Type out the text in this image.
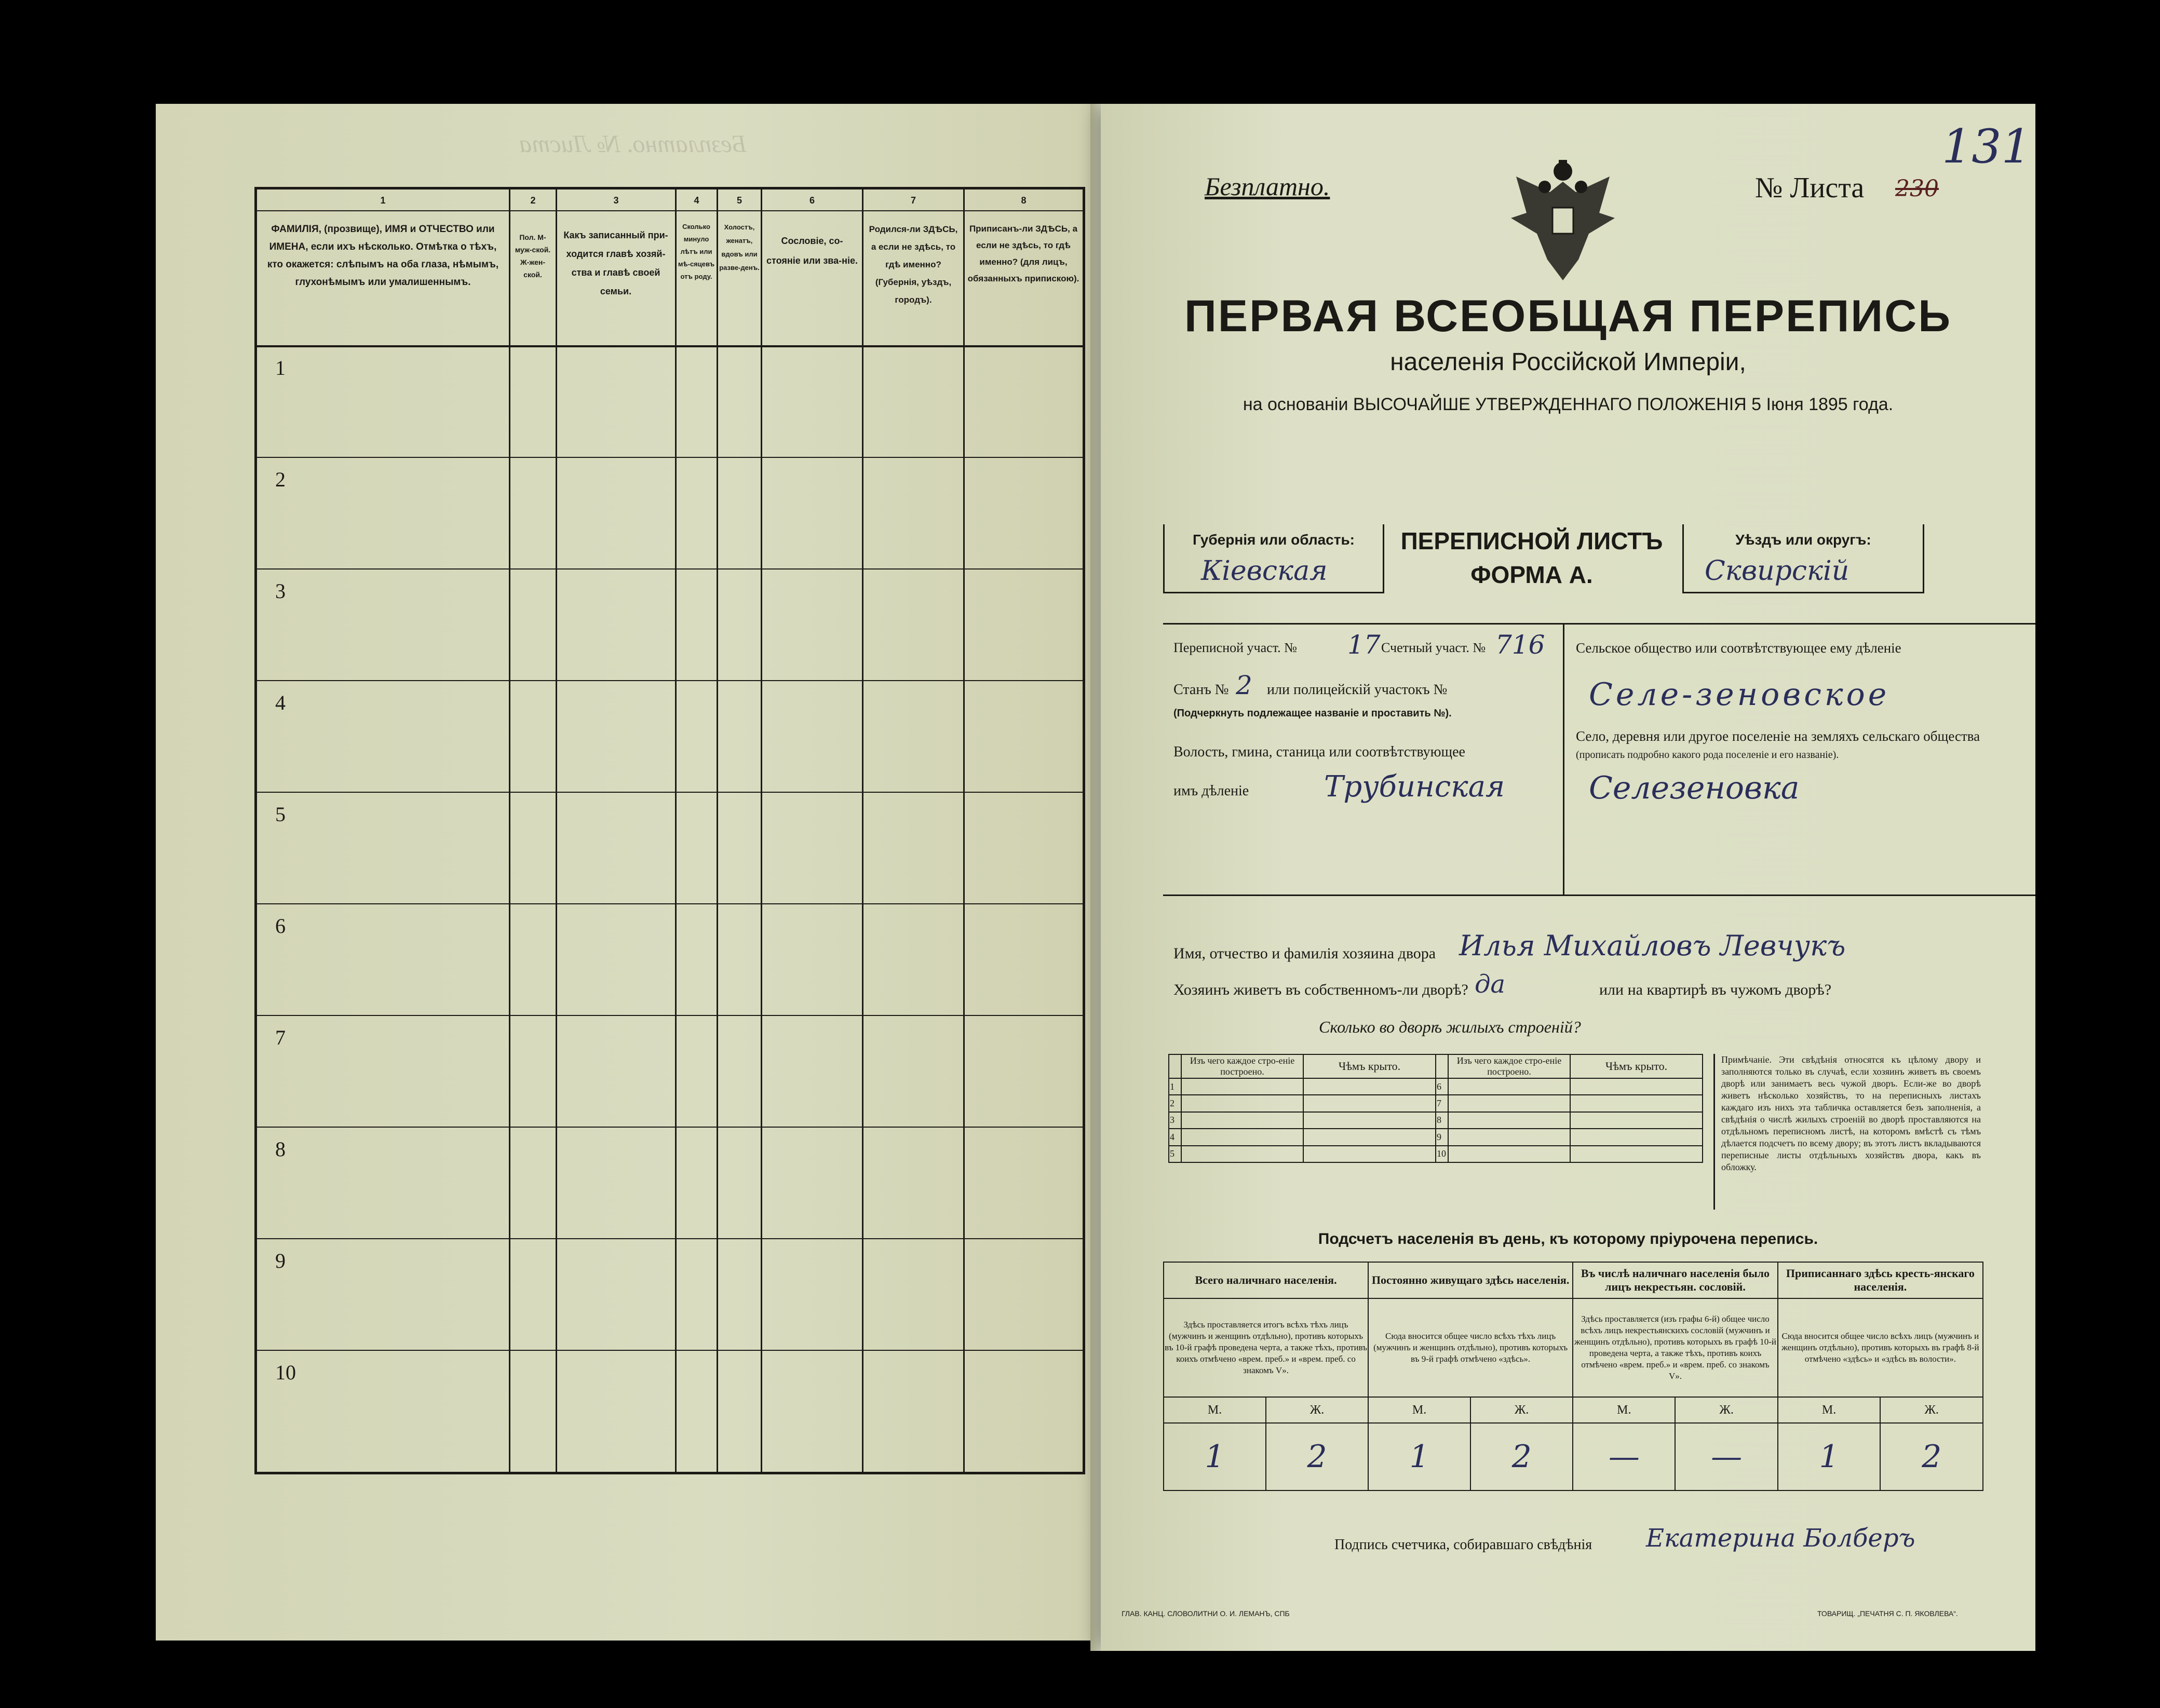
Безплатно. № Листа
1	2	3	4	5	6	7	8
ФАМИЛІЯ, (прозвище), ИМЯ и ОТЧЕСТВО или ИМЕНА, если ихъ нѣсколько. Отмѣтка о тѣхъ, кто окажется: слѣпымъ на оба глаза, нѣмымъ, глухонѣмымъ или умалишеннымъ.
Пол. М-муж-ской. Ж-жен-ской.
Какъ записанный при-ходится главѣ хозяй-ства и главѣ своей семьи.
Сколько минуло лѣтъ или мѣ-сяцевъ отъ роду.
Холостъ, женатъ, вдовъ или разве-денъ.
Сословіе, со-стояніе или зва-ніе.
Родился-ли ЗДѢСЬ, а если не здѣсь, то гдѣ именно? (Губернія, уѣздъ, городъ).
Приписанъ-ли ЗДѢСЬ, а если не здѣсь, то гдѣ именно? (для лицъ, обязанныхъ припискою).
1
2
3
4
5
6
7
8
9
10
Безплатно.	№ Листа 230
131
ПЕРВАЯ ВСЕОБЩАЯ ПЕРЕПИСЬ
населенія Россійской Имперіи,
на основаніи ВЫСОЧАЙШЕ УТВЕРЖДЕННАГО ПОЛОЖЕНІЯ 5 Іюня 1895 года.
Губернія или область:
Кіевская
ПЕРЕПИСНОЙ ЛИСТЪ
ФОРМА А.
Уѣздъ или округъ:
Сквирскій
Переписной участ. № 17 Счетный участ. № 716
Станъ № 2 или полицейскій участокъ №
(Подчеркнуть подлежащее названіе и проставить №).
Волость, гмина, станица или соотвѣтствующее
имъ дѣленіе	Трубинская
Сельское общество или соотвѣтствующее ему дѣленіе
Селе-зеновское
Село, деревня или другое поселеніе на земляхъ сельскаго общества
(прописать подробно какого рода поселеніе и его названіе).
Селезеновка
Имя, отчество и фамилія хозяина двора Илья Михайловъ Левчукъ
Хозяинъ живетъ въ собственномъ-ли дворѣ? да	или на квартирѣ въ чужомъ дворѣ?
Сколько во дворѣ жилыхъ строеній?
	Изъ чего каждое стро-еніе построено.	Чѣмъ крыто.		Изъ чего каждое стро-еніе построено.	Чѣмъ крыто.
1			6		
2			7		
3			8		
4			9		
5			10		
Примѣчаніе. Эти свѣдѣнія относятся къ цѣлому двору и заполняются только въ случаѣ, если хозяинъ живетъ въ своемъ дворѣ или занимаетъ весь чужой дворъ. Если-же во дворѣ живетъ нѣсколько хозяйствъ, то на переписныхъ листахъ каждаго изъ нихъ эта табличка оставляется безъ заполненія, а свѣдѣнія о числѣ жилыхъ строеній во дворѣ проставляются на отдѣльномъ переписномъ листѣ, на которомъ вмѣстѣ съ тѣмъ дѣлается подсчетъ по всему двору; въ этотъ листъ вкладываются переписные листы отдѣльныхъ хозяйствъ двора, какъ въ обложку.
Подсчетъ населенія въ день, къ которому пріурочена перепись.
Всего наличнаго населенія.		Постоянно живущаго здѣсь населенія.		Въ числѣ наличнаго населенія было лицъ некрестьян. сословій.		Приписаннаго здѣсь кресть-янскаго населенія.	
Здѣсь проставляется итогъ всѣхъ тѣхъ лицъ (мужчинъ и женщинъ отдѣльно), противъ которыхъ въ 10-й графѣ проведена черта, а также тѣхъ, противъ коихъ отмѣчено «врем. преб.» и «врем. преб. со знакомъ V».		Сюда вносится общее число всѣхъ тѣхъ лицъ (мужчинъ и женщинъ отдѣльно), противъ которыхъ въ 9-й графѣ отмѣчено «здѣсь».		Здѣсь проставляется (изъ графы 6-й) общее число всѣхъ лицъ некрестьянскихъ сословій (мужчинъ и женщинъ отдѣльно), противъ которыхъ въ графѣ 10-й проведена черта, а также тѣхъ, противъ коихъ отмѣчено «врем. преб.» и «врем. преб. со знакомъ V».		Сюда вносится общее число всѣхъ лицъ (мужчинъ и женщинъ отдѣльно), противъ которыхъ въ графѣ 8-й отмѣчено «здѣсь» и «здѣсь въ волости».	
М.	Ж.	М.	Ж.	М.	Ж.	М.	Ж.
1	2	1	2	—	—	1	2
Подпись счетчика, собиравшаго свѣдѣнія Екатерина Болберъ
ГЛАВ. КАНЦ. СЛОВОЛИТНИ О. И. ЛЕМАНЪ, СПБ	ТОВАРИЩ. „ПЕЧАТНЯ С. П. ЯКОВЛЕВА“.
